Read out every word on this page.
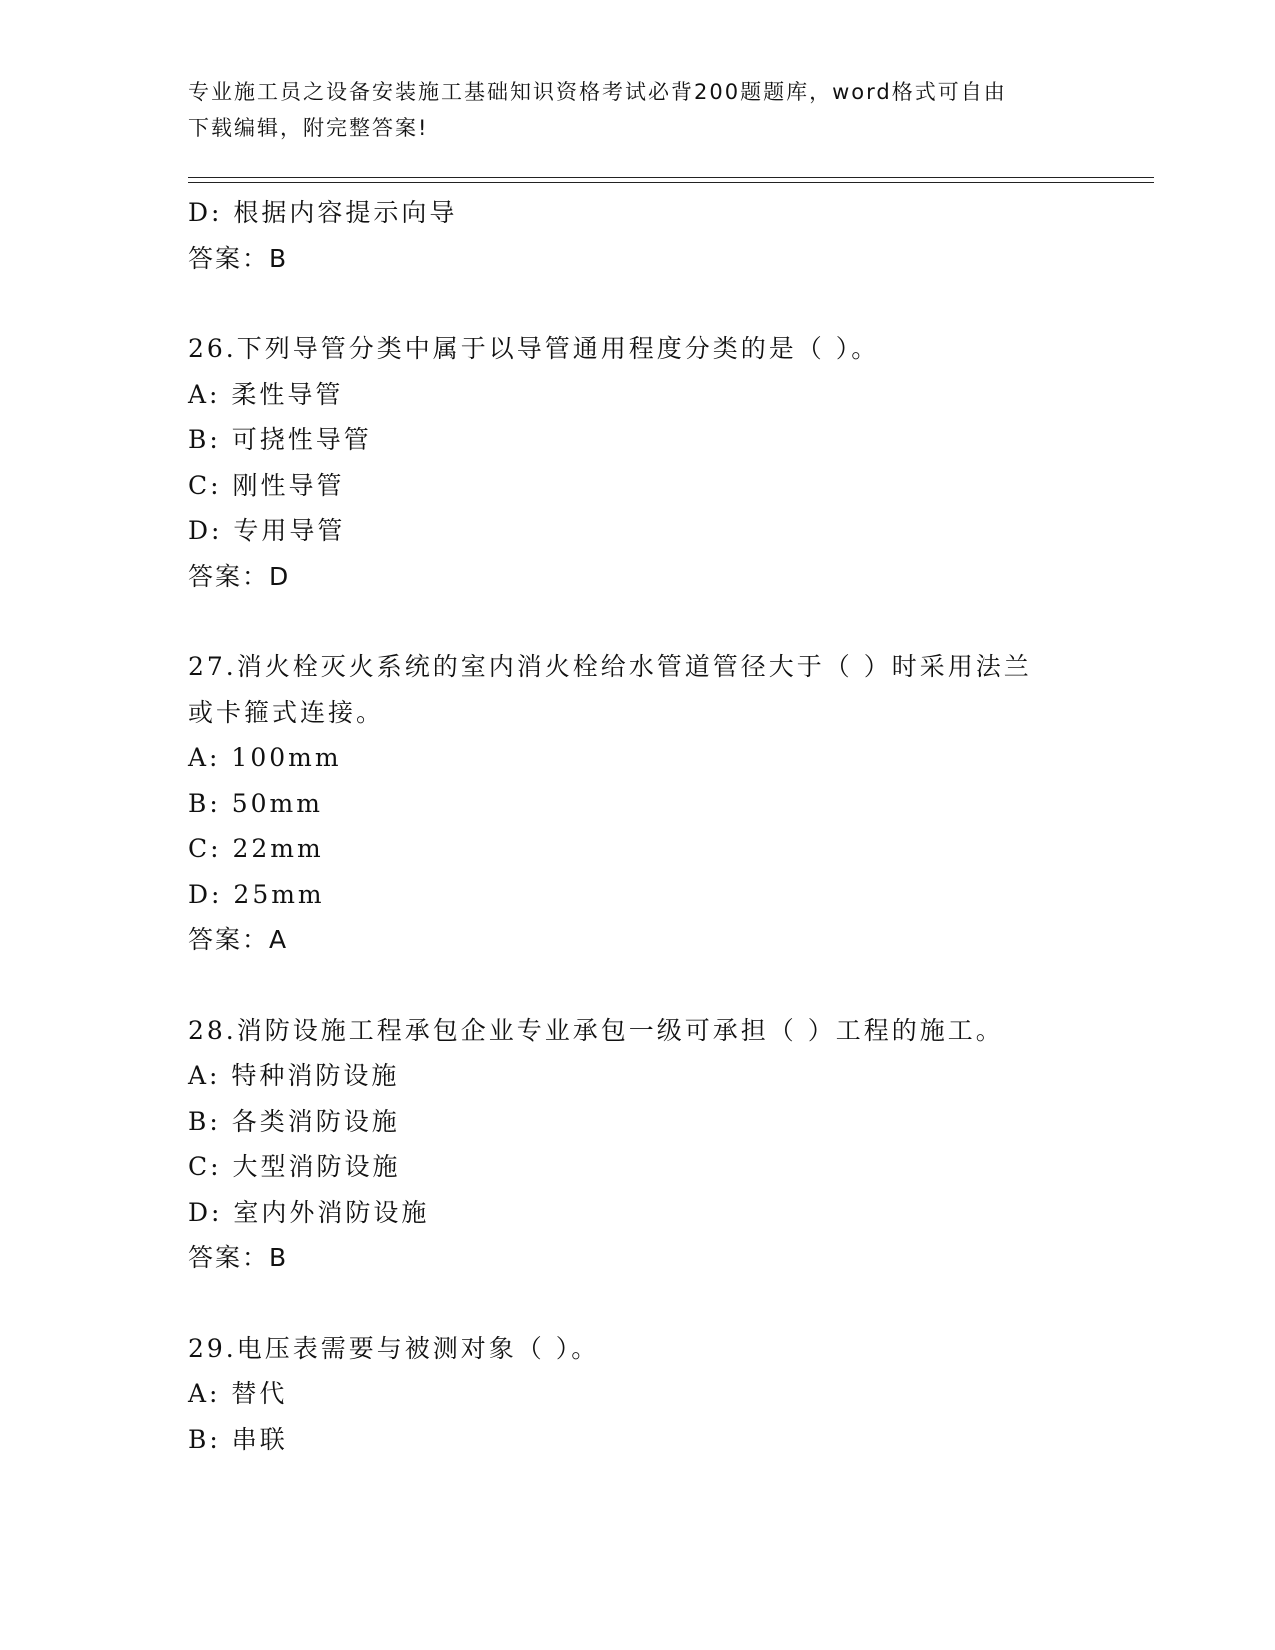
专业施工员之设备安装施工基础知识资格考试必背200题题库，word格式可自由
下载编辑，附完整答案!
D: 根据内容提示向导
答案：B
26.下列导管分类中属于以导管通用程度分类的是（ ）。
A: 柔性导管
B: 可挠性导管
C: 刚性导管
D: 专用导管
答案：D
27.消火栓灭火系统的室内消火栓给水管道管径大于（ ）时采用法兰
或卡箍式连接。
A: 100mm
B: 50mm
C: 22mm
D: 25mm
答案：A
28.消防设施工程承包企业专业承包一级可承担（ ）工程的施工。
A: 特种消防设施
B: 各类消防设施
C: 大型消防设施
D: 室内外消防设施
答案：B
29.电压表需要与被测对象（ ）。
A: 替代
B: 串联
